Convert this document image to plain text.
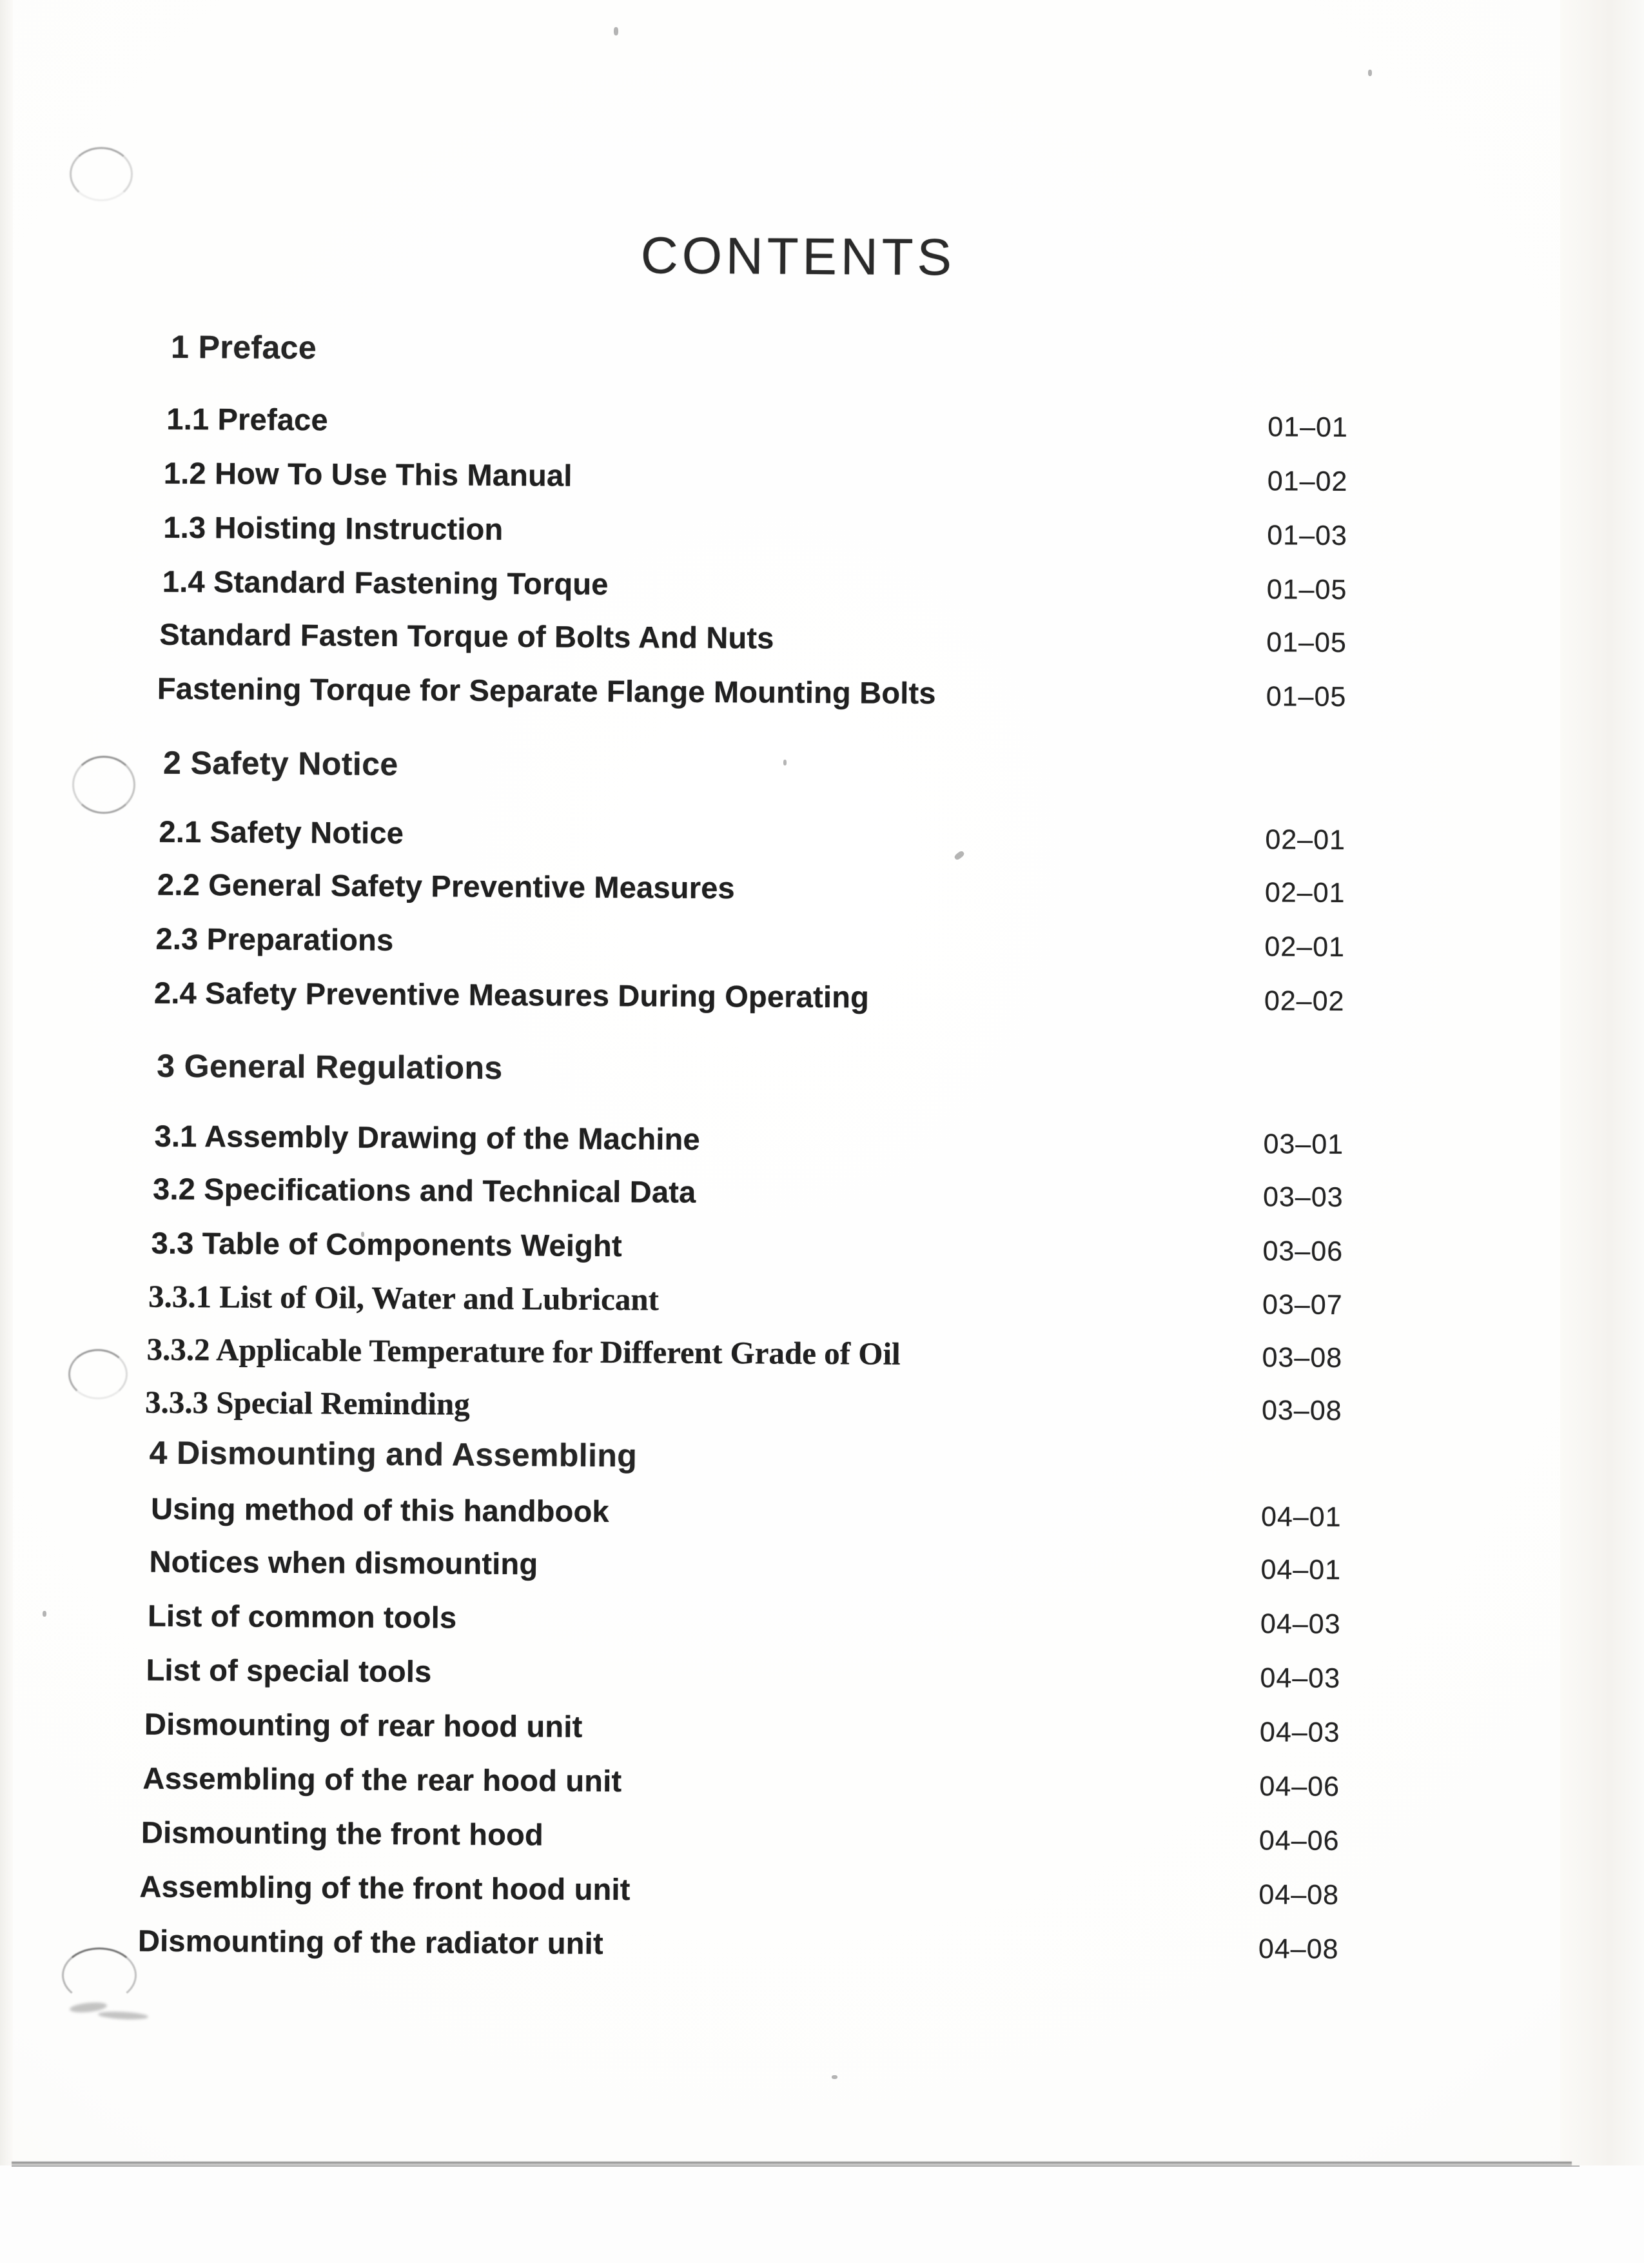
CONTENTS
1 Preface
1.1 Preface	01–01
1.2 How To Use This Manual	01–02
1.3 Hoisting Instruction	01–03
1.4 Standard Fastening Torque	01–05
Standard Fasten Torque of Bolts And Nuts	01–05
Fastening Torque for Separate Flange Mounting Bolts	01–05
2 Safety Notice
2.1 Safety Notice	02–01
2.2 General Safety Preventive Measures	02–01
2.3 Preparations	02–01
2.4 Safety Preventive Measures During Operating	02–02
3 General Regulations
3.1 Assembly Drawing of the Machine	03–01
3.2 Specifications and Technical Data	03–03
3.3 Table of Components Weight	03–06
3.3.1 List of Oil, Water and Lubricant	03–07
3.3.2 Applicable Temperature for Different Grade of Oil	03–08
3.3.3 Special Reminding	03–08
4 Dismounting and Assembling
Using method of this handbook	04–01
Notices when dismounting	04–01
List of common tools	04–03
List of special tools	04–03
Dismounting of rear hood unit	04–03
Assembling of the rear hood unit	04–06
Dismounting the front hood	04–06
Assembling of the front hood unit	04–08
Dismounting of the radiator unit	04–08
